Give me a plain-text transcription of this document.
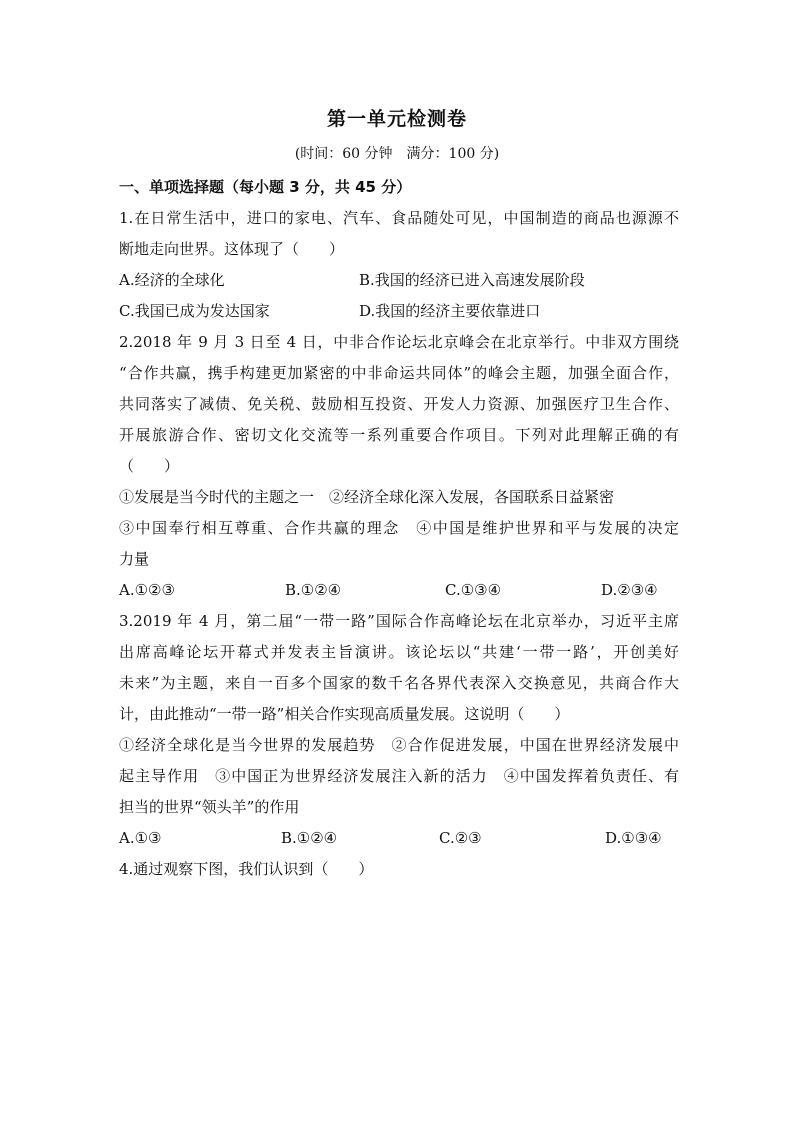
第一单元检测卷
(时间：60 分钟　满分：100 分)
一、单项选择题（每小题 3 分，共 45 分）
1.在日常生活中，进口的家电、汽车、食品随处可见，中国制造的商品也源源不
断地走向世界。这体现了（　　）
A.经济的全球化	B.我国的经济已进入高速发展阶段
C.我国已成为发达国家	D.我国的经济主要依靠进口
2.2018 年 9 月 3 日至 4 日，中非合作论坛北京峰会在北京举行。中非双方围绕
“合作共赢，携手构建更加紧密的中非命运共同体”的峰会主题，加强全面合作，
共同落实了减债、免关税、鼓励相互投资、开发人力资源、加强医疗卫生合作、
开展旅游合作、密切文化交流等一系列重要合作项目。下列对此理解正确的有
（　　）
①发展是当今时代的主题之一　②经济全球化深入发展，各国联系日益紧密
③中国奉行相互尊重、合作共赢的理念　④中国是维护世界和平与发展的决定
力量
A.①②③	B.①②④	C.①③④	D.②③④
3.2019 年 4 月，第二届“一带一路”国际合作高峰论坛在北京举办，习近平主席
出席高峰论坛开幕式并发表主旨演讲。该论坛以“共建‘一带一路’，开创美好
未来”为主题，来自一百多个国家的数千名各界代表深入交换意见，共商合作大
计，由此推动“一带一路”相关合作实现高质量发展。这说明（　　）
①经济全球化是当今世界的发展趋势　②合作促进发展，中国在世界经济发展中
起主导作用　③中国正为世界经济发展注入新的活力　④中国发挥着负责任、有
担当的世界“领头羊”的作用
A.①③	B.①②④	C.②③	D.①③④
4.通过观察下图，我们认识到（　　）
